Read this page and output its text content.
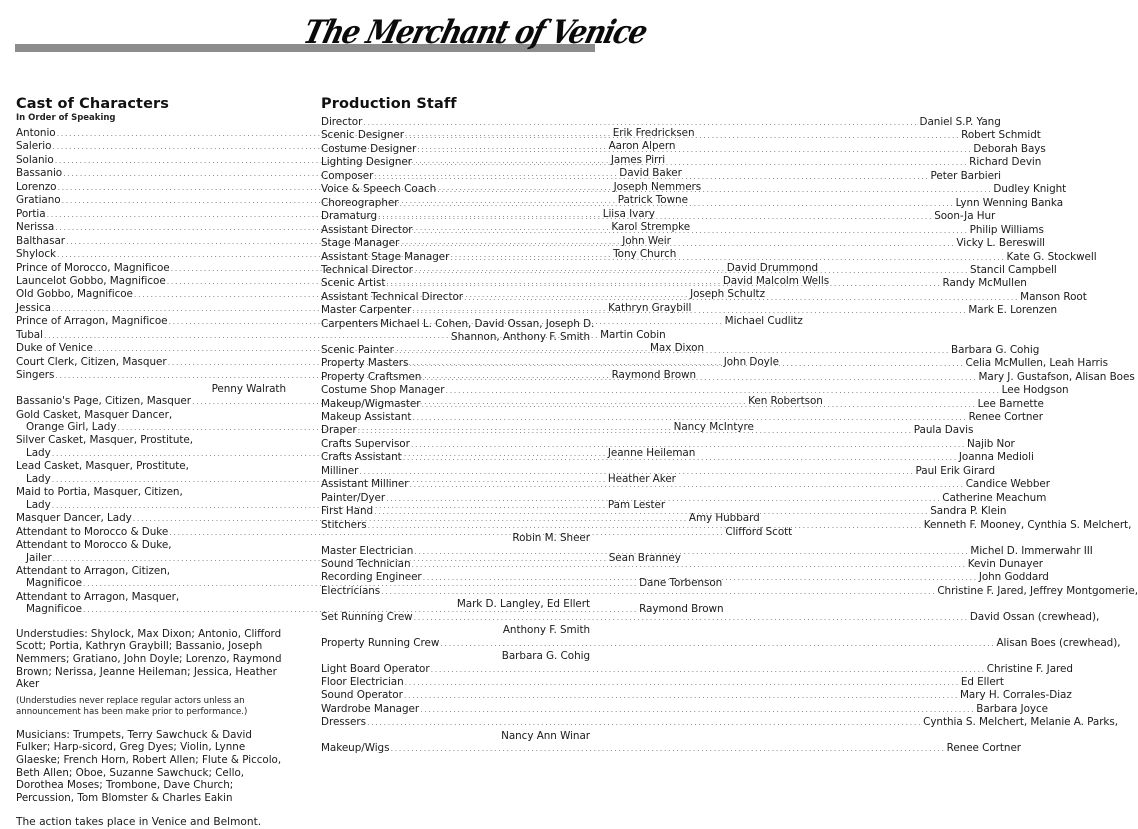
The Merchant of Venice
Cast of Characters
In Order of Speaking
Antonio .....	Erik Fredricksen
Salerio .....	Aaron Alpern
Solanio .....	James Pirri
Bassanio .....	David Baker
Lorenzo .....	Joseph Nemmers
Gratiano .....	Patrick Towne
Portia .....	Liisa Ivary
Nerissa .....	Karol Strempke
Balthasar .....	John Weir
Shylock .....	Tony Church
Prince of Morocco, Magnificoe .....	David Drummond
Launcelot Gobbo, Magnificoe .....	David Malcolm Wells
Old Gobbo, Magnificoe .....	Joseph Schultz
Jessica .....	Kathryn Graybill
Prince of Arragon, Magnificoe .....	Michael Cudlitz
Tubal .....	Martin Cobin
Duke of Venice .....	Max Dixon
Court Clerk, Citizen, Masquer .....	John Doyle
Singers .....	Raymond Brown
Penny Walrath
Bassanio's Page, Citizen, Masquer .....	Ken Robertson
Gold Casket, Masquer Dancer,
Orange Girl, Lady .....	Nancy McIntyre
Silver Casket, Masquer, Prostitute,
Lady .....	Jeanne Heileman
Lead Casket, Masquer, Prostitute,
Lady .....	Heather Aker
Maid to Portia, Masquer, Citizen,
Lady .....	Pam Lester
Masquer Dancer, Lady .....	Amy Hubbard
Attendant to Morocco & Duke .....	Clifford Scott
Attendant to Morocco & Duke,
Jailer .....	Sean Branney
Attendant to Arragon, Citizen,
Magnificoe .....	Dane Torbenson
Attendant to Arragon, Masquer,
Magnificoe .....	Raymond Brown
Understudies: Shylock, Max Dixon; Antonio, Clifford Scott; Portia, Kathryn Graybill; Bassanio, Joseph Nemmers; Gratiano, John Doyle; Lorenzo, Raymond Brown; Nerissa, Jeanne Heileman; Jessica, Heather Aker
(Understudies never replace regular actors unless an announcement has been make prior to performance.)
Musicians: Trumpets, Terry Sawchuck & David Fulker; Harp-sicord, Greg Dyes; Violin, Lynne Glaeske; French Horn, Robert Allen; Flute & Piccolo, Beth Allen; Oboe, Suzanne Sawchuck; Cello, Dorothea Moses; Trombone, Dave Church; Percussion, Tom Blomster & Charles Eakin
The action takes place in Venice and Belmont.
Production Staff
Director .....	Daniel S.P. Yang
Scenic Designer .....	Robert Schmidt
Costume Designer .....	Deborah Bays
Lighting Designer .....	Richard Devin
Composer .....	Peter Barbieri
Voice & Speech Coach .....	Dudley Knight
Choreographer .....	Lynn Wenning Banka
Dramaturg .....	Soon-Ja Hur
Assistant Director .....	Philip Williams
Stage Manager .....	Vicky L. Bereswill
Assistant Stage Manager .....	Kate G. Stockwell
Technical Director .....	Stancil Campbell
Scenic Artist .....	Randy McMullen
Assistant Technical Director .....	Manson Root
Master Carpenter .....	Mark E. Lorenzen
Carpenters Michael L. Cohen, David Ossan, Joseph D.
Shannon, Anthony F. Smith
Scenic Painter .....	Barbara G. Cohig
Property Masters .....	Celia McMullen, Leah Harris
Property Craftsmen .....	Mary J. Gustafson, Alisan Boes
Costume Shop Manager .....	Lee Hodgson
Makeup/Wigmaster .....	Lee Barnette
Makeup Assistant .....	Renee Cortner
Draper .....	Paula Davis
Crafts Supervisor .....	Najib Nor
Crafts Assistant .....	Joanna Medioli
Milliner .....	Paul Erik Girard
Assistant Milliner .....	Candice Webber
Painter/Dyer .....	Catherine Meachum
First Hand .....	Sandra P. Klein
Stitchers .....	Kenneth F. Mooney, Cynthia S. Melchert,
Robin M. Sheer
Master Electrician .....	Michel D. Immerwahr III
Sound Technician .....	Kevin Dunayer
Recording Engineer .....	John Goddard
Electricians .....	Christine F. Jared, Jeffrey Montgomerie,
Mark D. Langley, Ed Ellert
Set Running Crew .....	David Ossan (crewhead),
Anthony F. Smith
Property Running Crew .....	Alisan Boes (crewhead),
Barbara G. Cohig
Light Board Operator .....	Christine F. Jared
Floor Electrician .....	Ed Ellert
Sound Operator .....	Mary H. Corrales-Diaz
Wardrobe Manager .....	Barbara Joyce
Dressers .....	Cynthia S. Melchert, Melanie A. Parks,
Nancy Ann Winar
Makeup/Wigs .....	Renee Cortner
